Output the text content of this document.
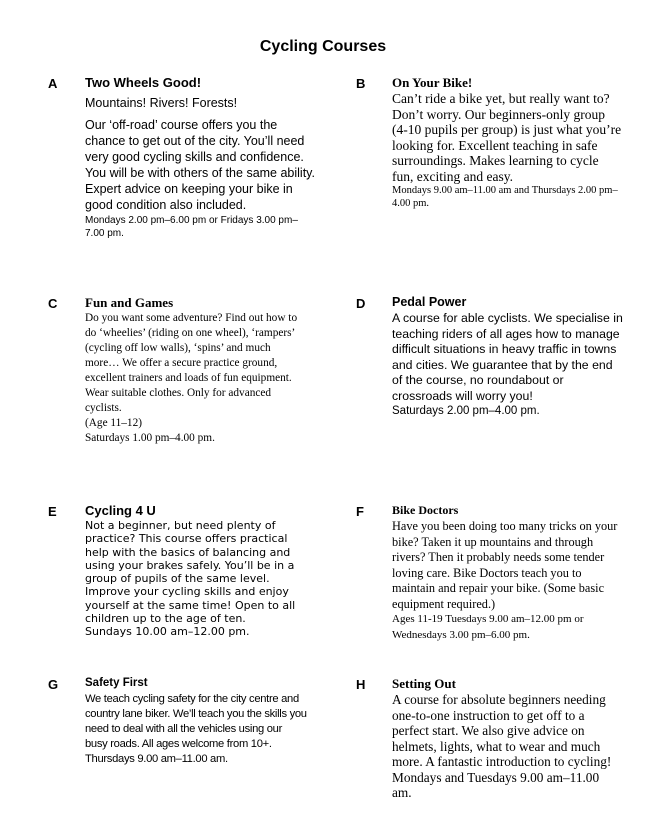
Cycling Courses
A Two Wheels Good!

Mountains! Rivers! Forests!

Our ‘off-road’ course offers you the chance to get out of the city. You’ll need very good cycling skills and confidence. You will be with others of the same ability. Expert advice on keeping your bike in good condition also included.

Mondays 2.00 pm–6.00 pm or Fridays 3.00 pm–7.00 pm.

B On Your Bike!

Can’t ride a bike yet, but really want to? Don’t worry. Our beginners-only group (4-10 pupils per group) is just what you’re looking for. Excellent teaching in safe surroundings. Makes learning to cycle fun, exciting and easy.

Mondays 9.00 am–11.00 am and Thursdays 2.00 pm–4.00 pm.

C Fun and Games

Do you want some adventure? Find out how to do ‘wheelies’ (riding on one wheel), ‘rampers’ (cycling off low walls), ‘spins’ and much more… We offer a secure practice ground, excellent trainers and loads of fun equipment. Wear suitable clothes. Only for advanced cyclists.

(Age 11–12)

Saturdays 1.00 pm–4.00 pm.

D Pedal Power

A course for able cyclists. We specialise in teaching riders of all ages how to manage difficult situations in heavy traffic in towns and cities. We guarantee that by the end of the course, no roundabout or crossroads will worry you!

Saturdays 2.00 pm–4.00 pm.

E Cycling 4 U

Not a beginner, but need plenty of practice? This course offers practical help with the basics of balancing and using your brakes safely. You’ll be in a group of pupils of the same level. Improve your cycling skills and enjoy yourself at the same time! Open to all children up to the age of ten.

Sundays 10.00 am–12.00 pm.

F Bike Doctors

Have you been doing too many tricks on your bike? Taken it up mountains and through rivers? Then it probably needs some tender loving care. Bike Doctors teach you to maintain and repair your bike. (Some basic equipment required.)

Ages 11-19 Tuesdays 9.00 am–12.00 pm or Wednesdays 3.00 pm–6.00 pm.

G Safety First

We teach cycling safety for the city centre and country lane biker. We’ll teach you the skills you need to deal with all the vehicles using our busy roads. All ages welcome from 10+. Thursdays 9.00 am–11.00 am.

H Setting Out

A course for absolute beginners needing one-to-one instruction to get off to a perfect start. We also give advice on helmets, lights, what to wear and much more. A fantastic introduction to cycling! Mondays and Tuesdays 9.00 am–11.00 am.
